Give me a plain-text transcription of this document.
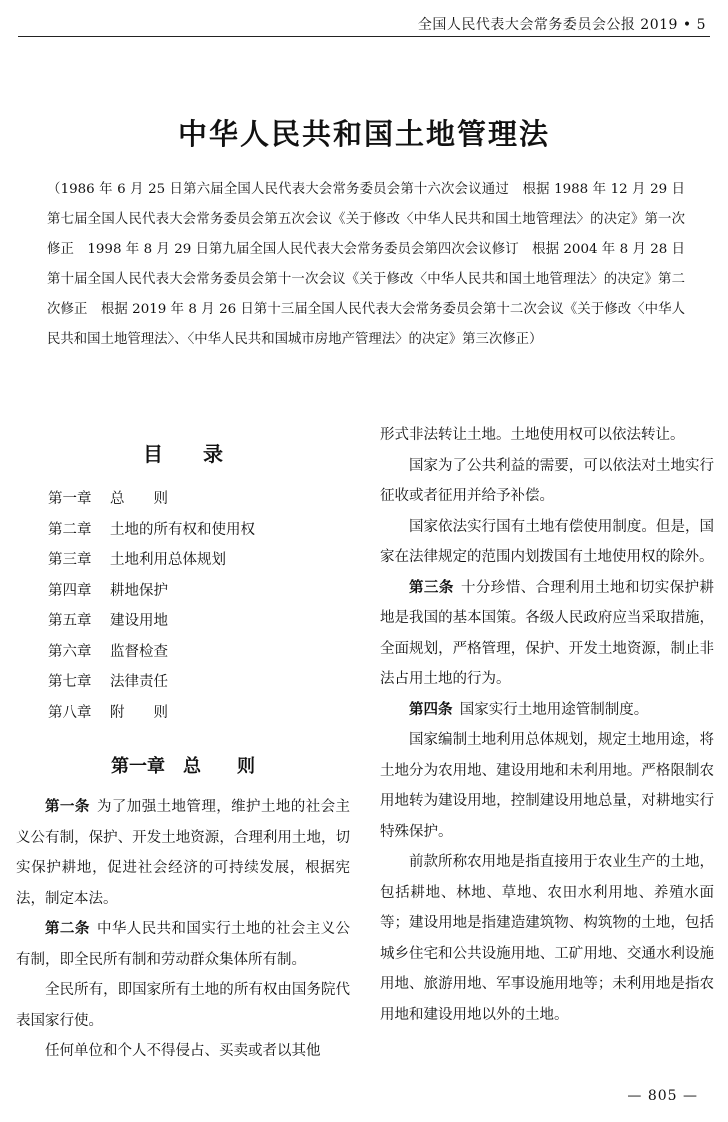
全国人民代表大会常务委员会公报 2019 • 5
中华人民共和国土地管理法
（1986 年 6 月 25 日第六届全国人民代表大会常务委员会第十六次会议通过　根据 1988 年 12 月 29 日第七届全国人民代表大会常务委员会第五次会议《关于修改〈中华人民共和国土地管理法〉的决定》第一次修正　1998 年 8 月 29 日第九届全国人民代表大会常务委员会第四次会议修订　根据 2004 年 8 月 28 日第十届全国人民代表大会常务委员会第十一次会议《关于修改〈中华人民共和国土地管理法〉的决定》第二次修正　根据 2019 年 8 月 26 日第十三届全国人民代表大会常务委员会第十二次会议《关于修改〈中华人民共和国土地管理法〉、〈中华人民共和国城市房地产管理法〉的决定》第三次修正）
目录
第一章 总　　则
第二章 土地的所有权和使用权
第三章 土地利用总体规划
第四章 耕地保护
第五章 建设用地
第六章 监督检查
第七章 法律责任
第八章 附　　则
第一章　 总　　则

第一条 为了加强土地管理，维护土地的社会主义公有制，保护、开发土地资源，合理利用土地，切实保护耕地，促进社会经济的可持续发展，根据宪法，制定本法。

第二条 中华人民共和国实行土地的社会主义公有制，即全民所有制和劳动群众集体所有制。

全民所有，即国家所有土地的所有权由国务院代表国家行使。

任何单位和个人不得侵占、买卖或者以其他

形式非法转让土地。土地使用权可以依法转让。

国家为了公共利益的需要，可以依法对土地实行征收或者征用并给予补偿。

国家依法实行国有土地有偿使用制度。但是，国家在法律规定的范围内划拨国有土地使用权的除外。

第三条 十分珍惜、合理利用土地和切实保护耕地是我国的基本国策。各级人民政府应当采取措施，全面规划，严格管理，保护、开发土地资源，制止非法占用土地的行为。

第四条 国家实行土地用途管制制度。

国家编制土地利用总体规划，规定土地用途，将土地分为农用地、建设用地和未利用地。严格限制农用地转为建设用地，控制建设用地总量，对耕地实行特殊保护。

前款所称农用地是指直接用于农业生产的土地，包括耕地、林地、草地、农田水利用地、养殖水面等；建设用地是指建造建筑物、构筑物的土地，包括城乡住宅和公共设施用地、工矿用地、交通水利设施用地、旅游用地、军事设施用地等；未利用地是指农用地和建设用地以外的土地。

— 805 —
